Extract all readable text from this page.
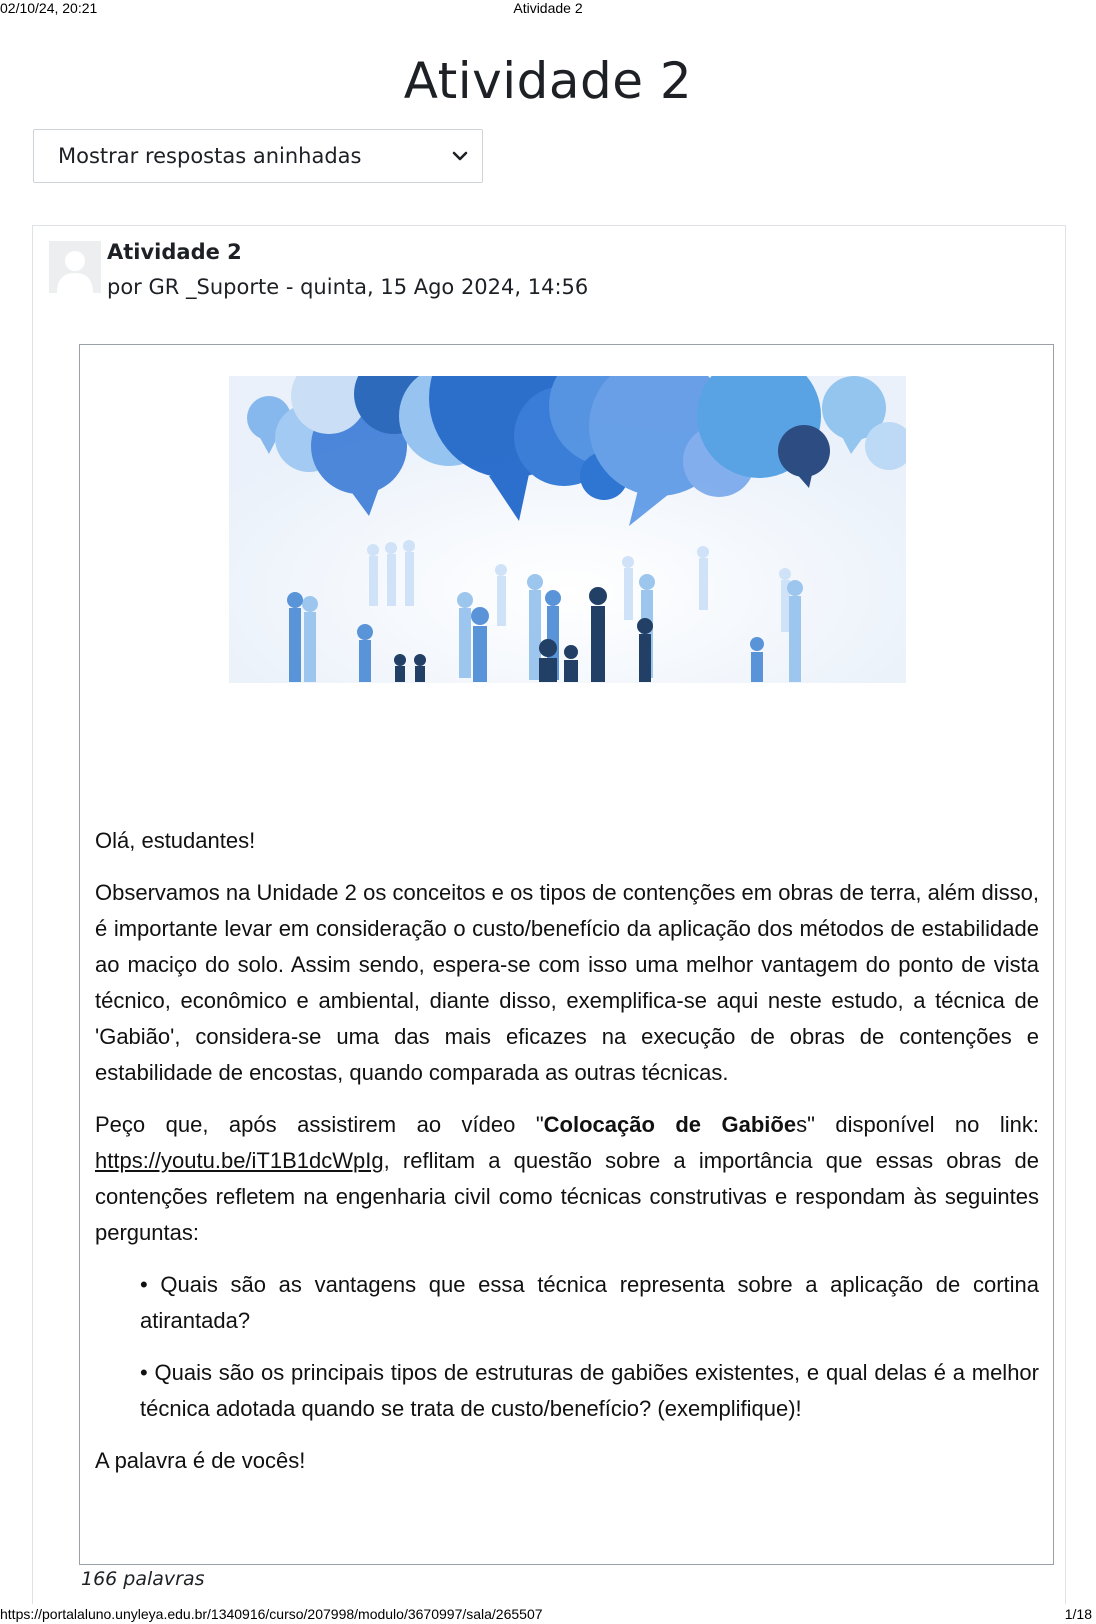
02/10/24, 20:21	Atividade 2
Atividade 2
Mostrar respostas aninhadas
Atividade 2
por GR _Suporte - quinta, 15 Ago 2024, 14:56

Olá, estudantes!

Observamos na Unidade 2 os conceitos e os tipos de contenções em obras de terra, além disso, é importante levar em consideração o custo/benefício da aplicação dos métodos de estabilidade ao maciço do solo. Assim sendo, espera-se com isso uma melhor vantagem do ponto de vista técnico, econômico e ambiental, diante disso, exemplifica-se aqui neste estudo, a técnica de 'Gabião', considera-se uma das mais eficazes na execução de obras de contenções e estabilidade de encostas, quando comparada as outras técnicas.

Peço que, após assistirem ao vídeo "Colocação de Gabiões" disponível no link: https://youtu.be/iT1B1dcWpIg, reflitam a questão sobre a importância que essas obras de contenções refletem na engenharia civil como técnicas construtivas e respondam às seguintes perguntas:

• Quais são as vantagens que essa técnica representa sobre a aplicação de cortina atirantada?

• Quais são os principais tipos de estruturas de gabiões existentes, e qual delas é a melhor técnica adotada quando se trata de custo/benefício? (exemplifique)!

A palavra é de vocês!

166 palavras
https://portalaluno.unyleya.edu.br/1340916/curso/207998/modulo/3670997/sala/265507	1/18
